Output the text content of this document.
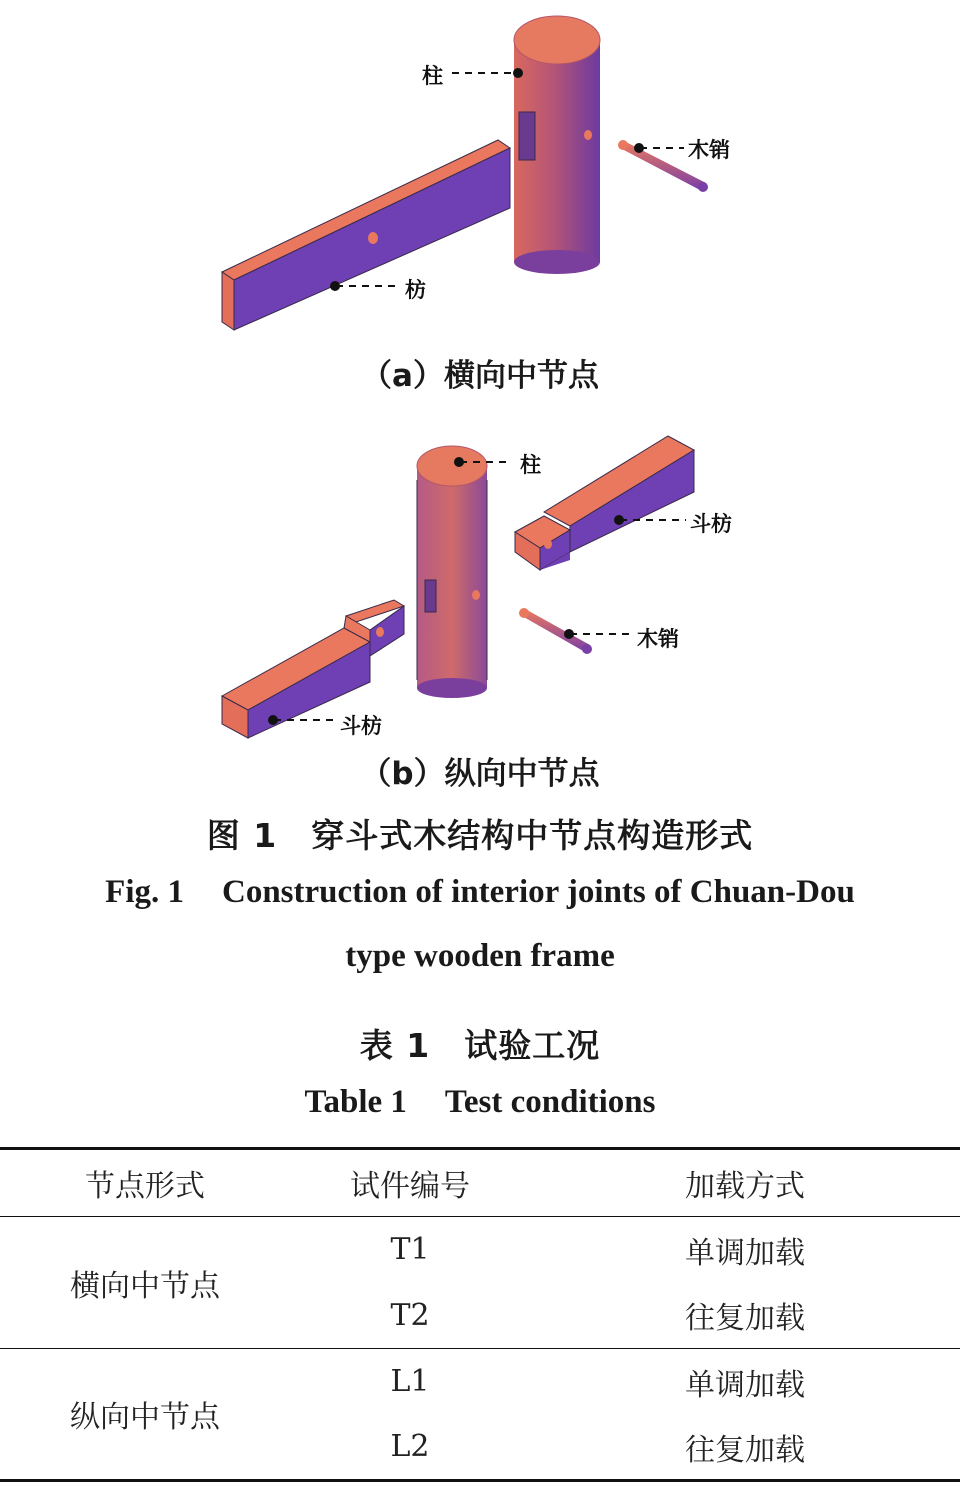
柱
木销
枋
（a）横向中节点
柱
斗枋
木销
斗枋
（b）纵向中节点
图 1 穿斗式木结构中节点构造形式
Fig. 1 Construction of interior joints of Chuan-Dou
type wooden frame
表 1 试验工况
Table 1 Test conditions
节点形式	试件编号	加载方式
横向中节点	T1	单调加载
	T2	往复加载
纵向中节点	L1	单调加载
	L2	往复加载
